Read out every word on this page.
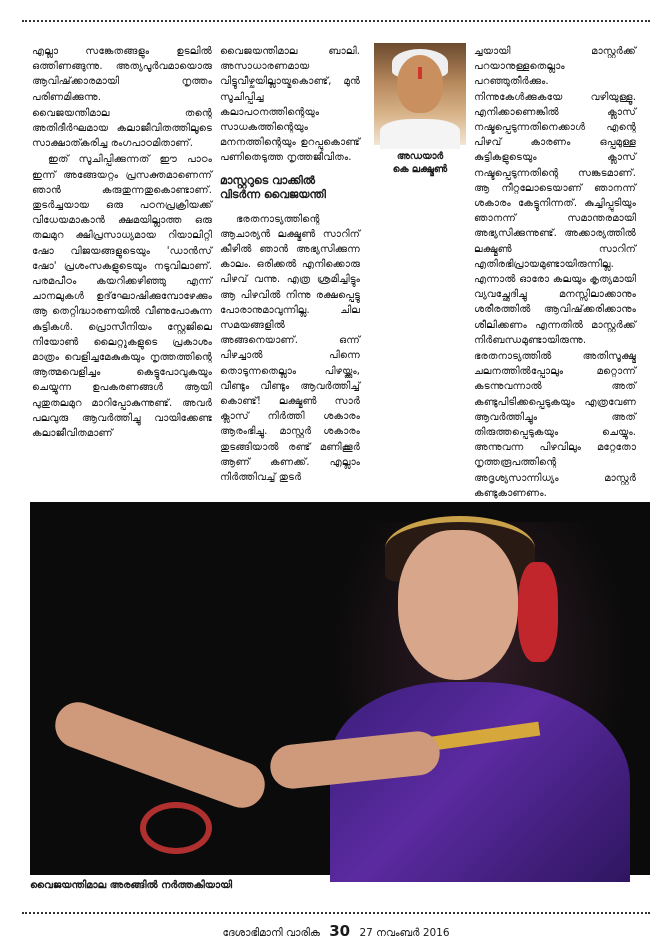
എല്ലാ സങ്കേതങ്ങളും ഉടലിൽ ഒത്തിണങ്ങുന്നു. അത്യപൂർവമായൊരു ആവിഷ്‌ക്കാരമായി നൃത്തം പരിണമിക്കുന്നു.

വൈജയന്തിമാല തന്റെ അതിദീർഘമായ കലാജീവിതത്തിലൂടെ സാക്ഷാത്കരിച്ച രംഗപാഠമിതാണ്.

ഇത് സൂചിപ്പിക്കുന്നത് ഈ പാഠം ഇന്ന് അങ്ങേയറ്റം പ്രസക്തമാണെന്ന് ഞാൻ കരുതുന്നതുകൊണ്ടാണ്. തുടർച്ചയായ ഒരു പഠനപ്രക്രിയക്ക് വിധേയമാകാൻ ക്ഷമയില്ലാത്ത ഒരു തലമുറ ക്ഷിപ്രസാധ്യമായ റിയാലിറ്റി ഷോ വിജയങ്ങളുടെയും 'ഡാൻസ് ഷോ' പ്രശംസകളുടെയും നടുവിലാണ്. പരമപീഠം കയറിക്കഴിഞ്ഞു എന്ന് ചാനലുകൾ ഉദ്‌ഘോഷിക്കുമ്പോഴേക്കും ആ തെറ്റിദ്ധാരണയിൽ വീണുപോകുന്ന കുട്ടികൾ. പ്രൊസീനിയം സ്റ്റേജിലെ നിയോൺ ലൈറ്റുകളുടെ പ്രകാശം മാത്രം വെളിച്ചമേകുകയും നൃത്തത്തിന്റെ ആത്മവെളിച്ചം കെട്ടുപോവുകയും ചെയ്യുന്ന ഉപകരണങ്ങൾ ആയി പുതുതലമുറ മാറിപ്പോകുന്നുണ്ട്. അവർ പലവുരു ആവർത്തിച്ചു വായിക്കേണ്ട കലാജീവിതമാണ്

വൈജയന്തിമാല ബാലി. അസാധാരണമായ വിട്ടുവീഴ്ചയില്ലായ്മകൊണ്ട്, മുൻ സൂചിപ്പിച്ച കലാപഠനത്തിന്റെയും സാധകത്തിന്റെയും മനനത്തിന്റെയും ഉറപ്പുകൊണ്ട് പണിതെടുത്ത നൃത്തജീവിതം.

മാസ്റ്ററുടെ വാക്കിൽ
വിടർന്ന വൈജയന്തി

ഭരതനാട്യത്തിന്റെ ആചാര്യൻ ലക്ഷ്മൺ സാറിന് കീഴിൽ ഞാൻ അഭ്യസിക്കുന്ന കാലം. ഒരിക്കൽ എനിക്കൊരു പിഴവ് വന്നു. എത്ര ശ്രമിച്ചിട്ടും ആ പിഴവിൽ നിന്നു രക്ഷപ്പെട്ടു പോരാനുമാവുന്നില്ല. ചില സമയങ്ങളിൽ അങ്ങനെയാണ്. ഒന്ന് പിഴച്ചാൽ പിന്നെ തൊടുന്നതെല്ലാം പിഴയ്ക്കും, വീണ്ടും വീണ്ടും ആവർത്തിച്ച് കൊണ്ട്! ലക്ഷ്മൺ സാർ ക്ലാസ് നിർത്തി ശകാരം ആരംഭിച്ചു. മാസ്റ്റർ ശകാരം തുടങ്ങിയാൽ രണ്ട് മണിക്കൂർ ആണ് കണക്ക്. എല്ലാം നിർത്തിവച്ച് തുടർ

അഡയാർ
കെ ലക്ഷ്മൺ

ച്ചയായി മാസ്റ്റർക്ക് പറയാനുള്ളതെല്ലാം പറഞ്ഞുതീർക്കും. നിന്നുകേൾക്കുകയേ വഴിയുള്ളൂ. എനിക്കാണെങ്കിൽ ക്ലാസ് നഷ്ടപ്പെടുന്നതിനെക്കാൾ എന്റെ പിഴവ് കാരണം ഒപ്പമുള്ള കുട്ടികളുടെയും ക്ലാസ് നഷ്ടപ്പെടുന്നതിന്റെ സങ്കടമാണ്. ആ നീറ്റലോടെയാണ് ഞാനന്ന് ശകാരം കേട്ടുനിന്നത്. കുച്ചിപ്പുടിയും ഞാനന്ന് സമാന്തരമായി അഭ്യസിക്കുന്നുണ്ട്. അക്കാര്യത്തിൽ ലക്ഷ്മൺ സാറിന് എതിരഭിപ്രായമുണ്ടായിരുന്നില്ല. എന്നാൽ ഓരോ കലയും കൃത്യമായി വ്യവച്ഛേദിച്ചു മനസ്സിലാക്കാനും ശരീരത്തിൽ ആവിഷ്‌ക്കരിക്കാനും ശീലിക്കണം എന്നതിൽ മാസ്റ്റർക്ക് നിർബന്ധമുണ്ടായിരുന്നു.

ഭരതനാട്യത്തിൽ അതിസൂക്ഷ്മ ചലനത്തിൽപ്പോലും മറ്റൊന്ന് കടന്നുവന്നാൽ അത് കണ്ടുപിടിക്കപ്പെടുകയും എത്രവേണ ആവർത്തിച്ചും അത് തിരുത്തപ്പെടുകയും ചെയ്യും. അന്നുവന്ന പിഴവിലും മറ്റേതോ നൃത്തരൂപത്തിന്റെ അദൃശ്യസാന്നിധ്യം മാസ്റ്റർ കണ്ടുകാണണം.

വൈജയന്തിമാല അരങ്ങിൽ നർത്തകിയായി
ദേശാഭിമാനി വാരിക 30 27 നവംബർ 2016
